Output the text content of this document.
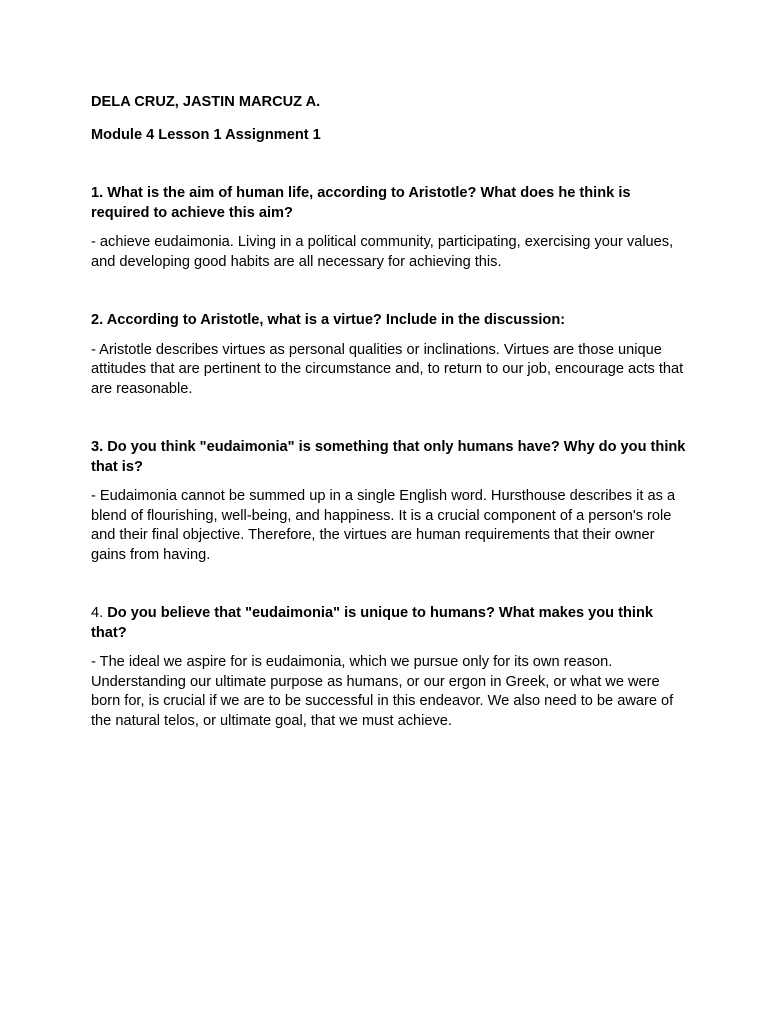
DELA CRUZ, JASTIN MARCUZ A.

Module 4 Lesson 1 Assignment 1

1. What is the aim of human life, according to Aristotle? What does he think is required to achieve this aim?

- achieve eudaimonia. Living in a political community, participating, exercising your values, and developing good habits are all necessary for achieving this.

2. According to Aristotle, what is a virtue? Include in the discussion:

- Aristotle describes virtues as personal qualities or inclinations. Virtues are those unique attitudes that are pertinent to the circumstance and, to return to our job, encourage acts that are reasonable.

3. Do you think "eudaimonia" is something that only humans have? Why do you think that is?

- Eudaimonia cannot be summed up in a single English word. Hursthouse describes it as a blend of flourishing, well-being, and happiness. It is a crucial component of a person's role and their final objective. Therefore, the virtues are human requirements that their owner gains from having.

4. Do you believe that "eudaimonia" is unique to humans? What makes you think that?

- The ideal we aspire for is eudaimonia, which we pursue only for its own reason. Understanding our ultimate purpose as humans, or our ergon in Greek, or what we were born for, is crucial if we are to be successful in this endeavor. We also need to be aware of the natural telos, or ultimate goal, that we must achieve.
